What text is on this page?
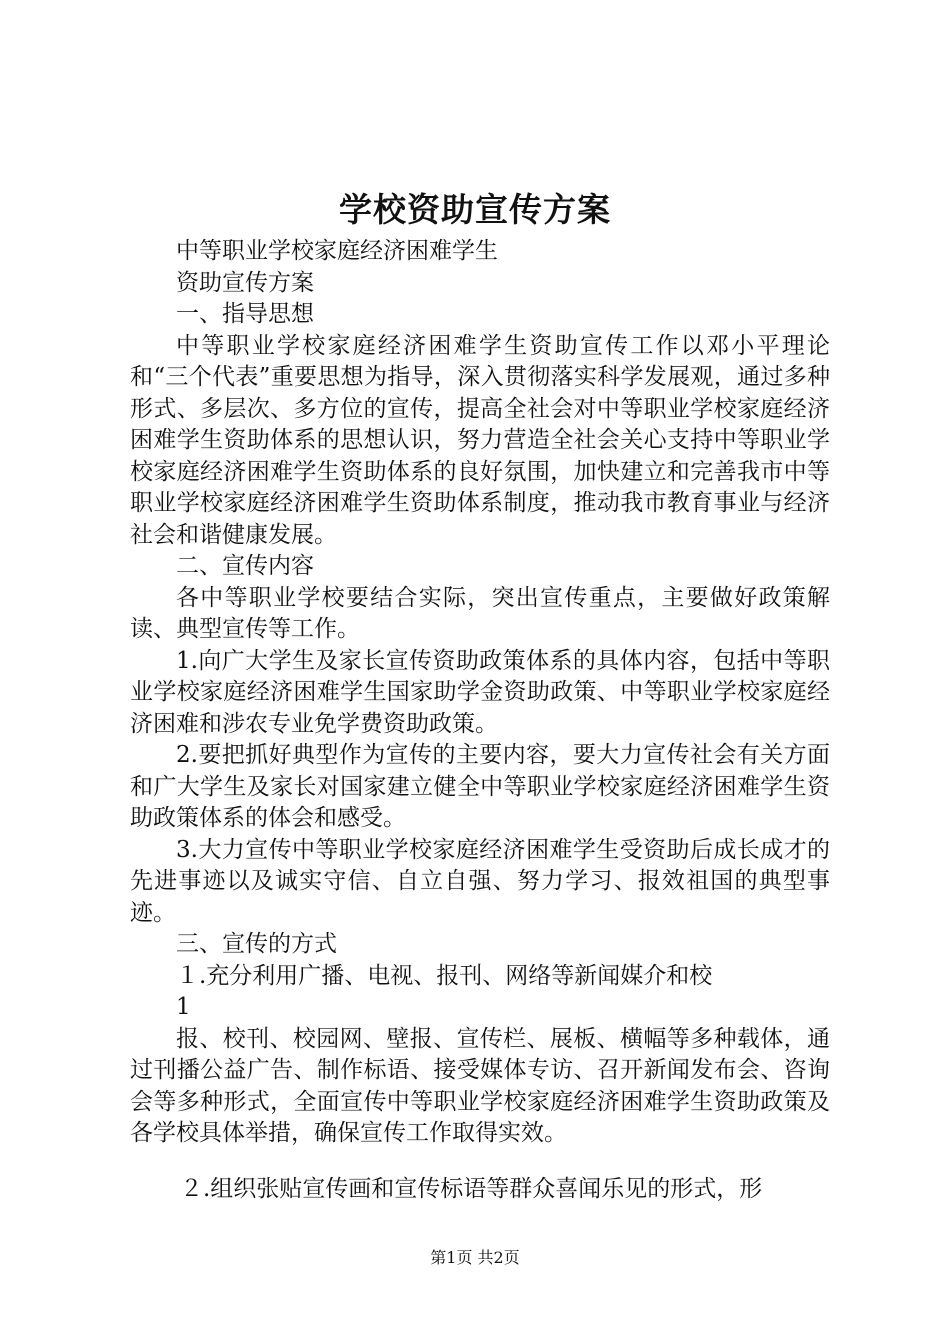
学校资助宣传方案

中等职业学校家庭经济困难学生

资助宣传方案

一、指导思想

中等职业学校家庭经济困难学生资助宣传工作以邓小平理论和“三个代表”重要思想为指导，深入贯彻落实科学发展观，通过多种形式、多层次、多方位的宣传，提高全社会对中等职业学校家庭经济困难学生资助体系的思想认识，努力营造全社会关心支持中等职业学校家庭经济困难学生资助体系的良好氛围，加快建立和完善我市中等职业学校家庭经济困难学生资助体系制度，推动我市教育事业与经济社会和谐健康发展。

二、宣传内容

各中等职业学校要结合实际，突出宣传重点，主要做好政策解读、典型宣传等工作。

1.向广大学生及家长宣传资助政策体系的具体内容，包括中等职业学校家庭经济困难学生国家助学金资助政策、中等职业学校家庭经济困难和涉农专业免学费资助政策。

2.要把抓好典型作为宣传的主要内容，要大力宣传社会有关方面和广大学生及家长对国家建立健全中等职业学校家庭经济困难学生资助政策体系的体会和感受。

3.大力宣传中等职业学校家庭经济困难学生受资助后成长成才的先进事迹以及诚实守信、自立自强、努力学习、报效祖国的典型事迹。

三、宣传的方式

１.充分利用广播、电视、报刊、网络等新闻媒介和校

1

报、校刊、校园网、壁报、宣传栏、展板、横幅等多种载体，通过刊播公益广告、制作标语、接受媒体专访、召开新闻发布会、咨询会等多种形式，全面宣传中等职业学校家庭经济困难学生资助政策及各学校具体举措，确保宣传工作取得实效。

２.组织张贴宣传画和宣传标语等群众喜闻乐见的形式，形

第1页 共2页
